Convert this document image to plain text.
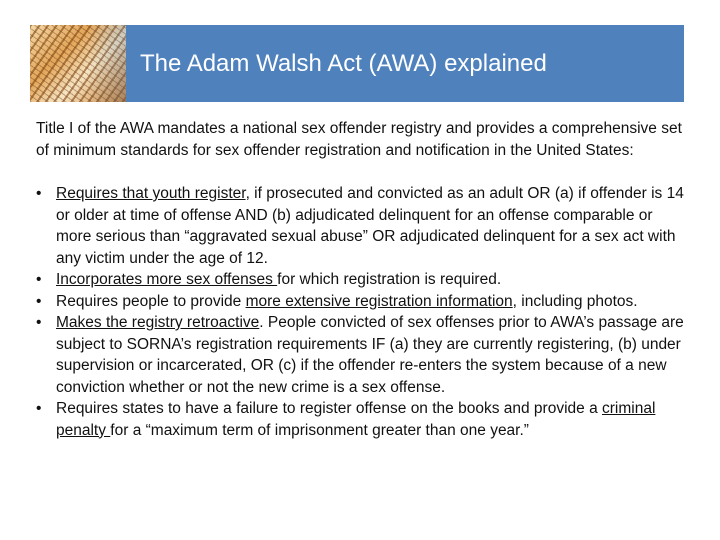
The Adam Walsh Act (AWA) explained

Title I of the AWA mandates a national sex offender registry and provides a comprehensive set of minimum standards for sex offender registration and notification in the United States:

• Requires that youth register, if prosecuted and convicted as an adult OR (a) if offender is 14 or older at time of offense AND (b) adjudicated delinquent for an offense comparable or more serious than “aggravated sexual abuse” OR adjudicated delinquent for a sex act with any victim under the age of 12.
• Incorporates more sex offenses for which registration is required.
• Requires people to provide more extensive registration information, including photos.
• Makes the registry retroactive. People convicted of sex offenses prior to AWA’s passage are subject to SORNA’s registration requirements IF (a) they are currently registering, (b) under supervision or incarcerated, OR (c) if the offender re-enters the system because of a new conviction whether or not the new crime is a sex offense.
• Requires states to have a failure to register offense on the books and provide a criminal penalty for a “maximum term of imprisonment greater than one year.”
